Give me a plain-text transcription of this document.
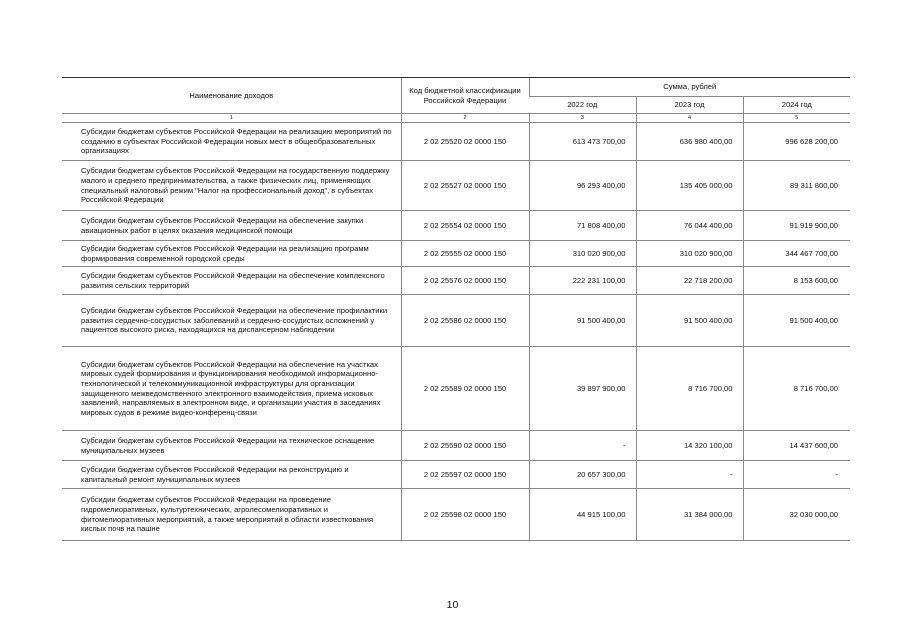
Наименование доходов	Код бюджетной классификации Российской Федерации	Сумма, рублей		
		2022 год	2023 год	2024 год
1	2	3	4	5
Субсидии бюджетам субъектов Российской Федерации на реализацию мероприятий по созданию в субъектах Российской Федерации новых мест в общеобразовательных организациях	2 02 25520 02 0000 150	613 473 700,00	636 980 400,00	996 628 200,00
Субсидии бюджетам субъектов Российской Федерации на государственную поддержку малого и среднего предпринимательства, а также физических лиц, применяющих специальный налоговый режим "Налог на профессиональный доход", в субъектах Российской Федерации	2 02 25527 02 0000 150	96 293 400,00	135 405 000,00	89 311 800,00
Субсидии бюджетам субъектов Российской Федерации на обеспечение закупки авиационных работ в целях оказания медицинской помощи	2 02 25554 02 0000 150	71 808 400,00	76 044 400,00	91 919 900,00
Субсидии бюджетам субъектов Российской Федерации на реализацию программ формирования современной городской среды	2 02 25555 02 0000 150	310 020 900,00	310 020 900,00	344 467 700,00
Субсидии бюджетам субъектов Российской Федерации на обеспечение комплексного развития сельских территорий	2 02 25576 02 0000 150	222 231 100,00	22 718 200,00	8 153 600,00
Субсидии бюджетам субъектов Российской Федерации на обеспечение профилактики развития сердечно-сосудистых заболеваний и сердечно-сосудистых осложнений у пациентов высокого риска, находящихся на диспансерном наблюдении	2 02 25586 02 0000 150	91 500 400,00	91 500 400,00	91 500 400,00
Субсидии бюджетам субъектов Российской Федерации на обеспечение на участках мировых судей формирования и функционирования необходимой информационно-технологической и телекоммуникационной инфраструктуры для организации защищенного межведомственного электронного взаимодействия, приема исковых заявлений, направляемых в электронном виде, и организации участия в заседаниях мировых судов в режиме видео-конференц-связи	2 02 25589 02 0000 150	39 897 900,00	8 716 700,00	8 716 700,00
Субсидии бюджетам субъектов Российской Федерации на техническое оснащение муниципальных музеев	2 02 25590 02 0000 150	-	14 320 100,00	14 437 600,00
Субсидии бюджетам субъектов Российской Федерации на реконструкцию и капитальный ремонт муниципальных музеев	2 02 25597 02 0000 150	20 657 300,00	-	-
Субсидии бюджетам субъектов Российской Федерации на проведение гидромелиоративных, культуртехнических, агролесомелиоративных и фитомелиоративных мероприятий, а также мероприятий в области известкования кислых почв на пашне	2 02 25598 02 0000 150	44 915 100,00	31 384 000,00	32 030 000,00
10
